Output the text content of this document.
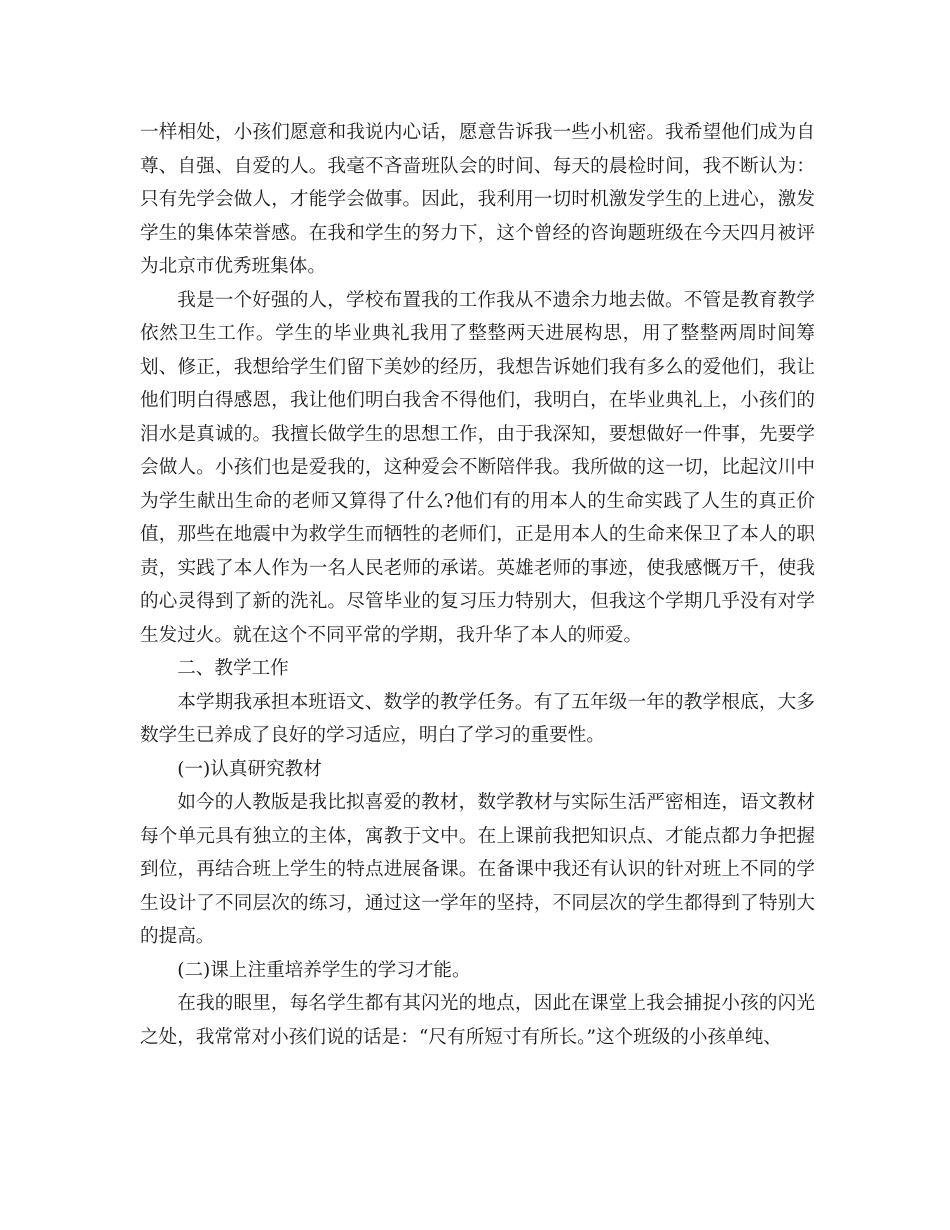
一样相处，小孩们愿意和我说内心话，愿意告诉我一些小机密。我希望他们成为自尊、自强、自爱的人。我毫不吝啬班队会的时间、每天的晨检时间，我不断认为：只有先学会做人，才能学会做事。因此，我利用一切时机激发学生的上进心，激发学生的集体荣誉感。在我和学生的努力下，这个曾经的咨询题班级在今天四月被评为北京市优秀班集体。

我是一个好强的人，学校布置我的工作我从不遗余力地去做。不管是教育教学依然卫生工作。学生的毕业典礼我用了整整两天进展构思，用了整整两周时间筹划、修正，我想给学生们留下美妙的经历，我想告诉她们我有多么的爱他们，我让他们明白得感恩，我让他们明白我舍不得他们，我明白，在毕业典礼上，小孩们的泪水是真诚的。我擅长做学生的思想工作，由于我深知，要想做好一件事，先要学会做人。小孩们也是爱我的，这种爱会不断陪伴我。我所做的这一切，比起汶川中为学生献出生命的老师又算得了什么?他们有的用本人的生命实践了人生的真正价值，那些在地震中为救学生而牺牲的老师们，正是用本人的生命来保卫了本人的职责，实践了本人作为一名人民老师的承诺。英雄老师的事迹，使我感慨万千，使我的心灵得到了新的洗礼。尽管毕业的复习压力特别大，但我这个学期几乎没有对学生发过火。就在这个不同平常的学期，我升华了本人的师爱。

二、教学工作

本学期我承担本班语文、数学的教学任务。有了五年级一年的教学根底，大多数学生已养成了良好的学习适应，明白了学习的重要性。

(一)认真研究教材

如今的人教版是我比拟喜爱的教材，数学教材与实际生活严密相连，语文教材每个单元具有独立的主体，寓教于文中。在上课前我把知识点、才能点都力争把握到位，再结合班上学生的特点进展备课。在备课中我还有认识的针对班上不同的学生设计了不同层次的练习，通过这一学年的坚持，不同层次的学生都得到了特别大的提高。

(二)课上注重培养学生的学习才能。

在我的眼里，每名学生都有其闪光的地点，因此在课堂上我会捕捉小孩的闪光之处，我常常对小孩们说的话是：“尺有所短寸有所长。”这个班级的小孩单纯、
